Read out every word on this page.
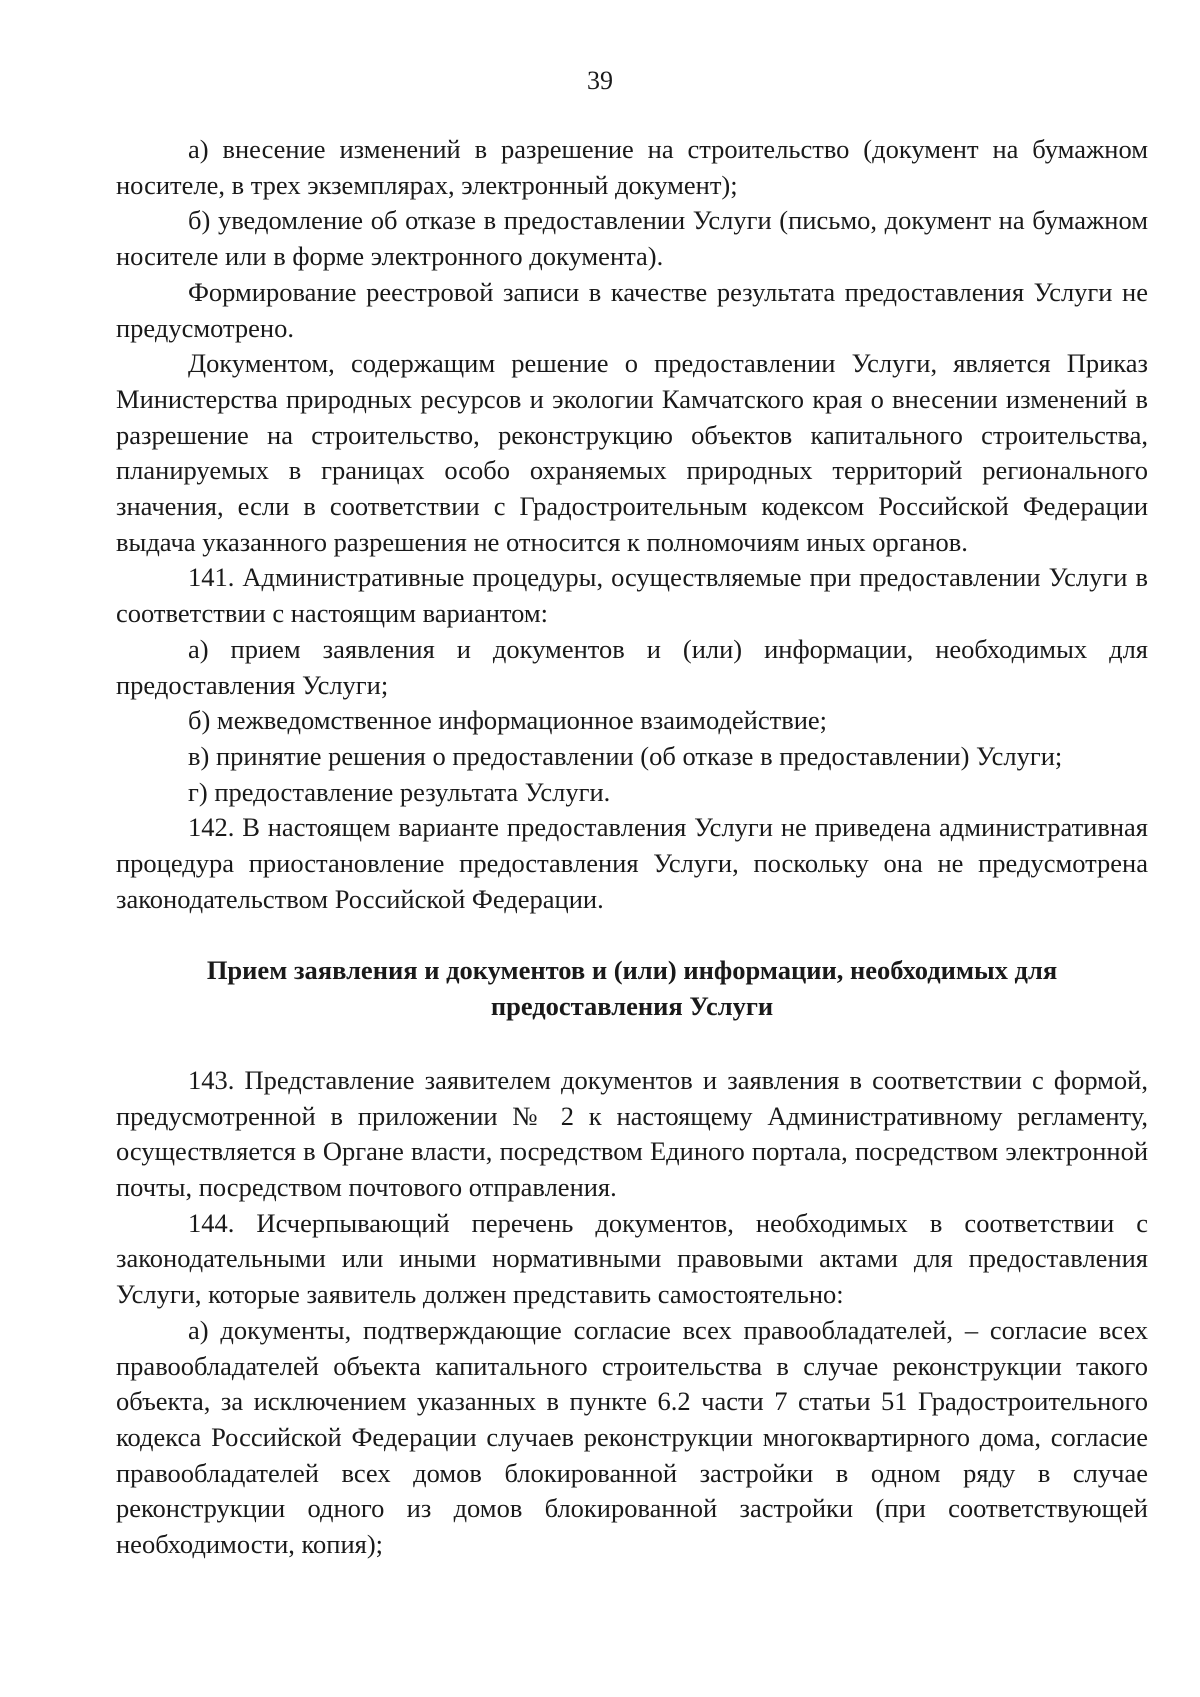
39

а) внесение изменений в разрешение на строительство (документ на бумажном носителе, в трех экземплярах, электронный документ);

б) уведомление об отказе в предоставлении Услуги (письмо, документ на бумажном носителе или в форме электронного документа).

Формирование реестровой записи в качестве результата предоставления Услуги не предусмотрено.

Документом, содержащим решение о предоставлении Услуги, является Приказ Министерства природных ресурсов и экологии Камчатского края о внесении изменений в разрешение на строительство, реконструкцию объектов капитального строительства, планируемых в границах особо охраняемых природных территорий регионального значения, если в соответствии с Градостроительным кодексом Российской Федерации выдача указанного разрешения не относится к полномочиям иных органов.

141. Административные процедуры, осуществляемые при предоставлении Услуги в соответствии с настоящим вариантом:

а) прием заявления и документов и (или) информации, необходимых для предоставления Услуги;

б) межведомственное информационное взаимодействие;

в) принятие решения о предоставлении (об отказе в предоставлении) Услуги;

г) предоставление результата Услуги.

142. В настоящем варианте предоставления Услуги не приведена административная процедура приостановление предоставления Услуги, поскольку она не предусмотрена законодательством Российской Федерации.

Прием заявления и документов и (или) информации, необходимых для предоставления Услуги

143. Представление заявителем документов и заявления в соответствии с формой, предусмотренной в приложении № 2 к настоящему Административному регламенту, осуществляется в Органе власти, посредством Единого портала, посредством электронной почты, посредством почтового отправления.

144. Исчерпывающий перечень документов, необходимых в соответствии с законодательными или иными нормативными правовыми актами для предоставления Услуги, которые заявитель должен представить самостоятельно:

а) документы, подтверждающие согласие всех правообладателей, – согласие всех правообладателей объекта капитального строительства в случае реконструкции такого объекта, за исключением указанных в пункте 6.2 части 7 статьи 51 Градостроительного кодекса Российской Федерации случаев реконструкции многоквартирного дома, согласие правообладателей всех домов блокированной застройки в одном ряду в случае реконструкции одного из домов блокированной застройки (при соответствующей необходимости, копия);
